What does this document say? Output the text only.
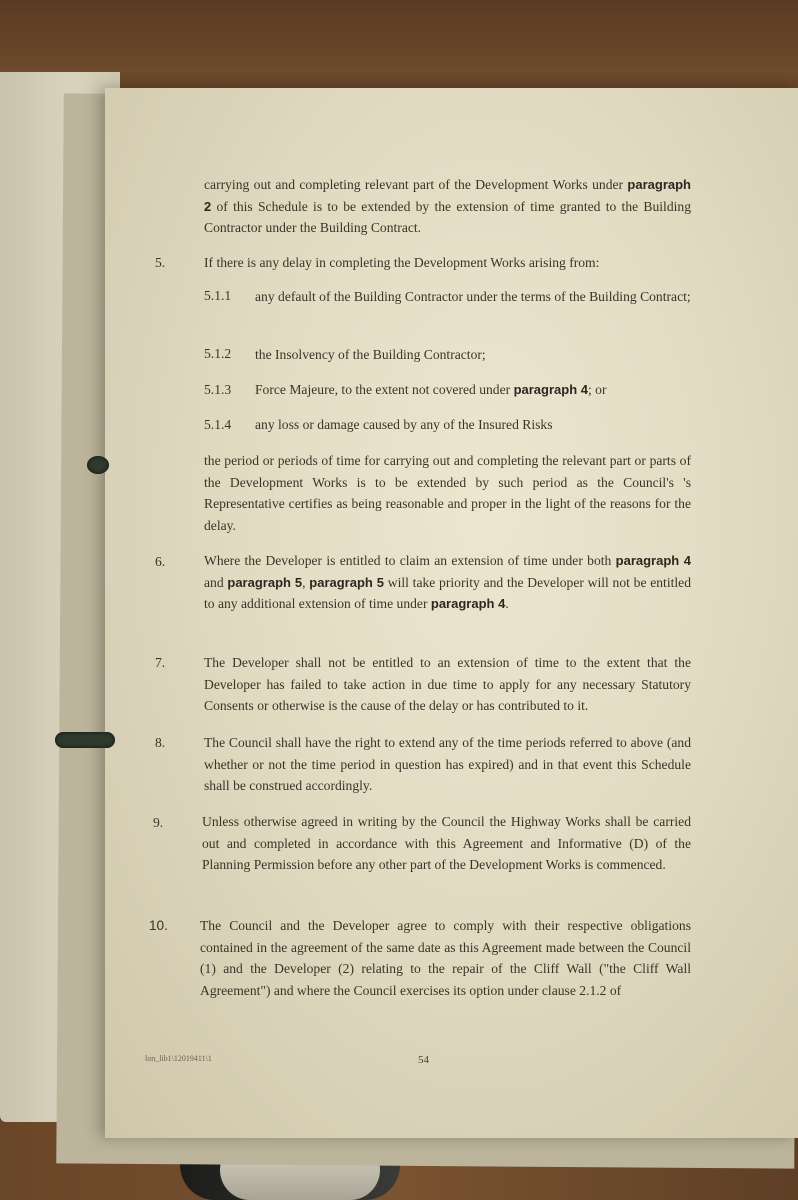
carrying out and completing relevant part of the Development Works under paragraph 2 of this Schedule is to be extended by the extension of time granted to the Building Contractor under the Building Contract.
5.	If there is any delay in completing the Development Works arising from:
5.1.1 any default of the Building Contractor under the terms of the Building Contract;
5.1.2 the Insolvency of the Building Contractor;
5.1.3 Force Majeure, to the extent not covered under paragraph 4; or
5.1.4 any loss or damage caused by any of the Insured Risks
the period or periods of time for carrying out and completing the relevant part or parts of the Development Works is to be extended by such period as the Council's 's Representative certifies as being reasonable and proper in the light of the reasons for the delay.
6.	Where the Developer is entitled to claim an extension of time under both paragraph 4 and paragraph 5, paragraph 5 will take priority and the Developer will not be entitled to any additional extension of time under paragraph 4.
7.	The Developer shall not be entitled to an extension of time to the extent that the Developer has failed to take action in due time to apply for any necessary Statutory Consents or otherwise is the cause of the delay or has contributed to it.
8.	The Council shall have the right to extend any of the time periods referred to above (and whether or not the time period in question has expired) and in that event this Schedule shall be construed accordingly.
9.	Unless otherwise agreed in writing by the Council the Highway Works shall be carried out and completed in accordance with this Agreement and Informative (D) of the Planning Permission before any other part of the Development Works is commenced.
10. The Council and the Developer agree to comply with their respective obligations contained in the agreement of the same date as this Agreement made between the Council (1) and the Developer (2) relating to the repair of the Cliff Wall ("the Cliff Wall Agreement") and where the Council exercises its option under clause 2.1.2 of
lon_lib1\12019411\1	54
